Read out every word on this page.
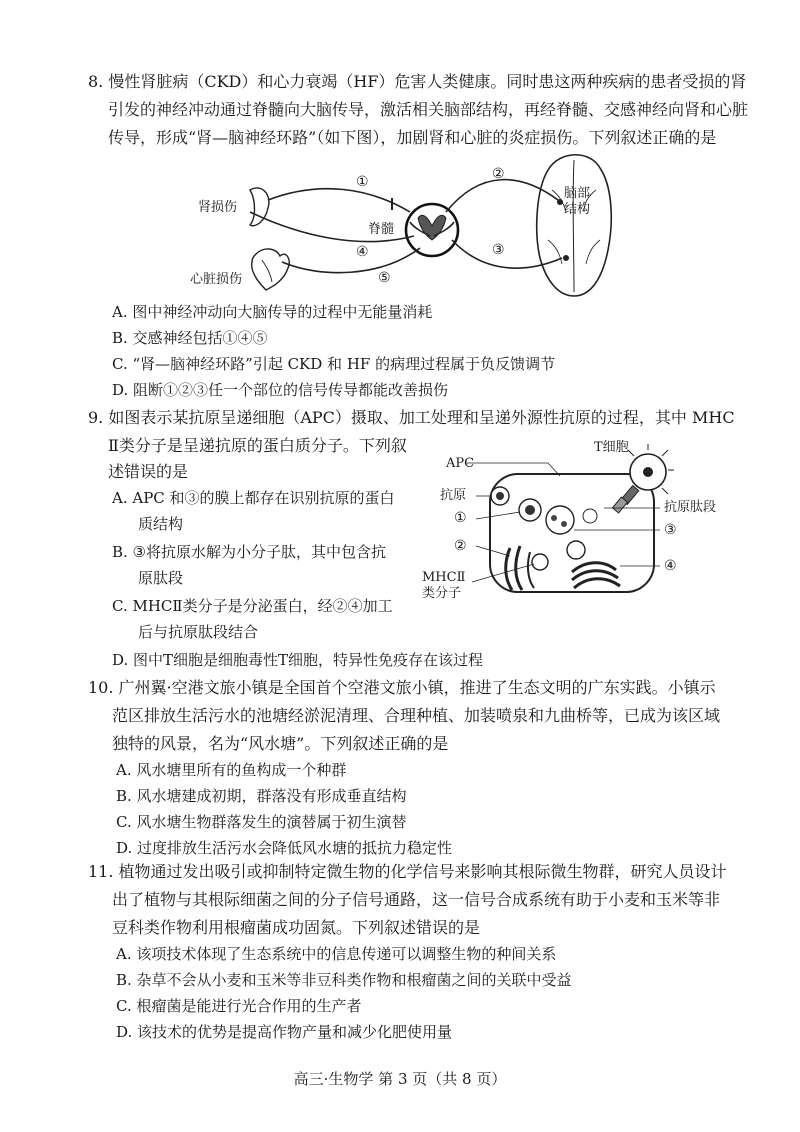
8. 慢性肾脏病（CKD）和心力衰竭（HF）危害人类健康。同时患这两种疾病的患者受损的肾
引发的神经冲动通过脊髓向大脑传导，激活相关脑部结构，再经脊髓、交感神经向肾和心脏
传导，形成“肾—脑神经环路”（如下图），加剧肾和心脏的炎症损伤。下列叙述正确的是
肾损伤
心脏损伤
脊髓
脑部结构
①	②
③
④
⑤
A. 图中神经冲动向大脑传导的过程中无能量消耗
B. 交感神经包括①④⑤
C. “肾—脑神经环路”引起 CKD 和 HF 的病理过程属于负反馈调节
D. 阻断①②③任一个部位的信号传导都能改善损伤
9. 如图表示某抗原呈递细胞（APC）摄取、加工处理和呈递外源性抗原的过程，其中 MHC
Ⅱ类分子是呈递抗原的蛋白质分子。下列叙
述错误的是
A. APC 和③的膜上都存在识别抗原的蛋白
质结构
B. ③将抗原水解为小分子肽，其中包含抗
原肽段
C. MHCⅡ类分子是分泌蛋白，经②④加工
后与抗原肽段结合
D. 图中T细胞是细胞毒性T细胞，特异性免疫存在该过程
APC
T细胞
抗原
抗原肽段
MHCⅡ类分子
①
②
③
④
10. 广州翼·空港文旅小镇是全国首个空港文旅小镇，推进了生态文明的广东实践。小镇示
范区排放生活污水的池塘经淤泥清理、合理种植、加装喷泉和九曲桥等，已成为该区域
独特的风景，名为“风水塘”。下列叙述正确的是
A. 风水塘里所有的鱼构成一个种群
B. 风水塘建成初期，群落没有形成垂直结构
C. 风水塘生物群落发生的演替属于初生演替
D. 过度排放生活污水会降低风水塘的抵抗力稳定性
11. 植物通过发出吸引或抑制特定微生物的化学信号来影响其根际微生物群，研究人员设计
出了植物与其根际细菌之间的分子信号通路，这一信号合成系统有助于小麦和玉米等非
豆科类作物利用根瘤菌成功固氮。下列叙述错误的是
A. 该项技术体现了生态系统中的信息传递可以调整生物的种间关系
B. 杂草不会从小麦和玉米等非豆科类作物和根瘤菌之间的关联中受益
C. 根瘤菌是能进行光合作用的生产者
D. 该技术的优势是提高作物产量和减少化肥使用量
高三·生物学 第 3 页（共 8 页）
